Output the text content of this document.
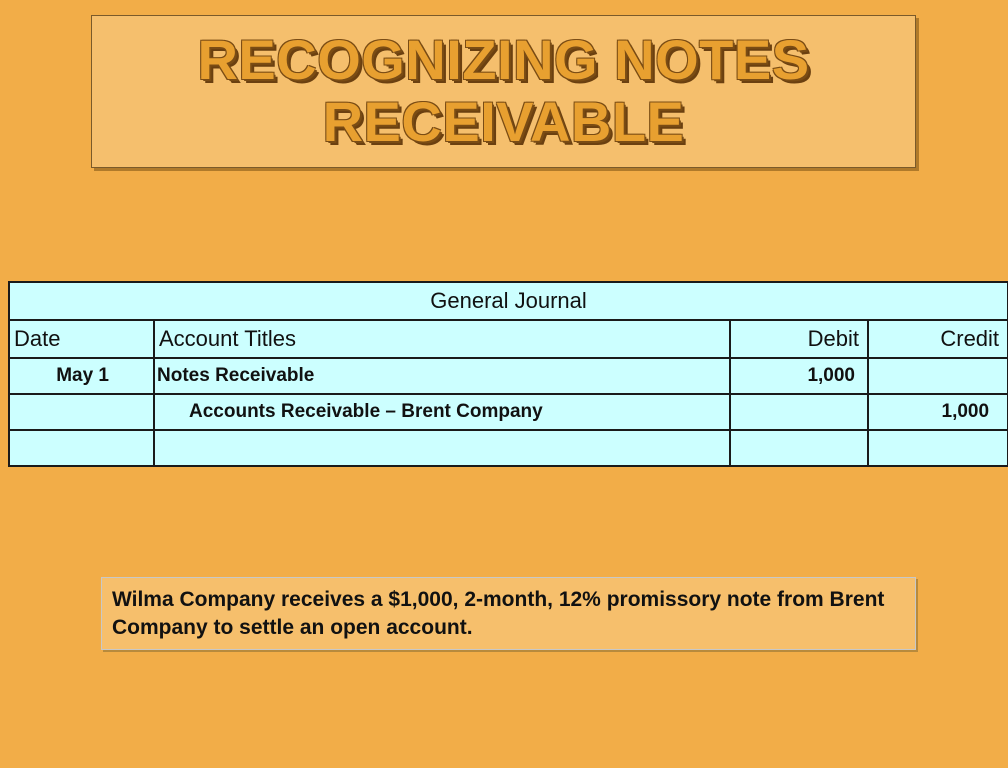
RECOGNIZING NOTES
RECEIVABLE
General Journal			
Date	Account Titles	Debit	Credit
May 1	Notes Receivable	1,000	
	Accounts Receivable – Brent Company		1,000

Wilma Company receives a $1,000, 2-month, 12% promissory note from Brent Company to settle an open account.
